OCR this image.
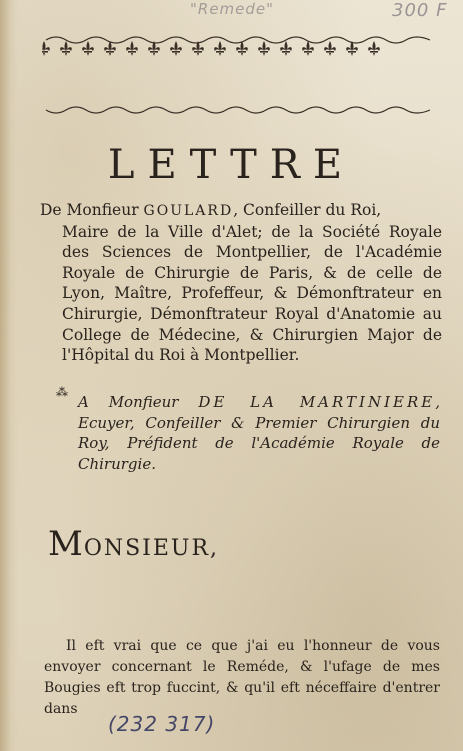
"Remede"	300 F
LETTRE
De Monfieur GOULARD, Confeiller du Roi,
Maire de la Ville d'Alet; de la Société Royale des Sciences de Montpellier, de l'Académie Royale de Chirurgie de Paris, & de celle de Lyon, Maître, Profeffeur, & Démonftrateur en Chirurgie, Démonftrateur Royal d'Anatomie au College de Médecine, & Chirurgien Major de l'Hôpital du Roi à Montpellier.
⁂
A Monfieur DE LA MARTINIERE, Ecuyer, Confeiller & Premier Chirurgien du Roy, Préfident de l'Académie Royale de Chirurgie.
MONSIEUR,
Il eft vrai que ce que j'ai eu l'honneur de vous envoyer concernant le Reméde, & l'ufage de mes Bougies eft trop fuccint, & qu'il eft néceffaire d'entrer dans
(232 317)
